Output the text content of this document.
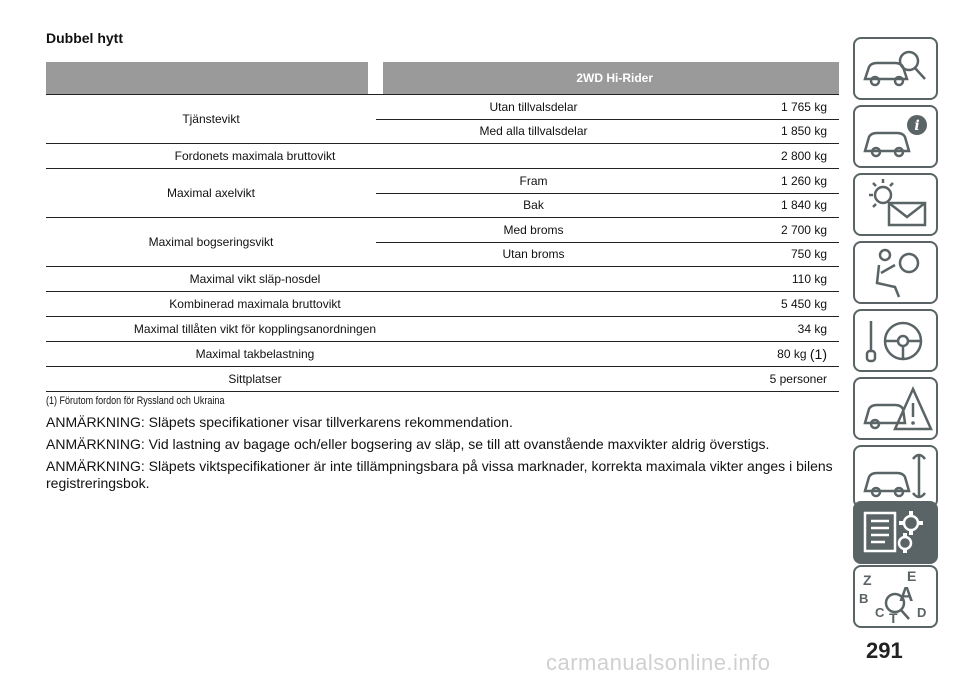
Dubbel hytt
2WD Hi-Rider
Tjänstevikt
Utan tillvalsdelar	1 765 kg
Med alla tillvalsdelar	1 850 kg
Fordonets maximala bruttovikt	2 800 kg
Maximal axelvikt
Fram	1 260 kg
Bak	1 840 kg
Maximal bogseringsvikt
Med broms	2 700 kg
Utan broms	750 kg
Maximal vikt släp-nosdel	110 kg
Kombinerad maximala bruttovikt	5 450 kg
Maximal tillåten vikt för kopplingsanordningen	34 kg
Maximal takbelastning	80 kg
(1)
Sittplatser	5 personer
(1) Förutom fordon för Ryssland och Ukraina

ANMÄRKNING: Släpets specifikationer visar tillverkarens rekommendation.

ANMÄRKNING: Vid lastning av bagage och/eller bogsering av släp, se till att ovanstående maxvikter aldrig överstigs.

ANMÄRKNING: Släpets viktspecifikationer är inte tillämpningsbara på vissa marknader, korrekta maximala vikter anges i bilens registreringsbok.

i
Z	E
A
B
C T D
291
carmanualsonline.info
